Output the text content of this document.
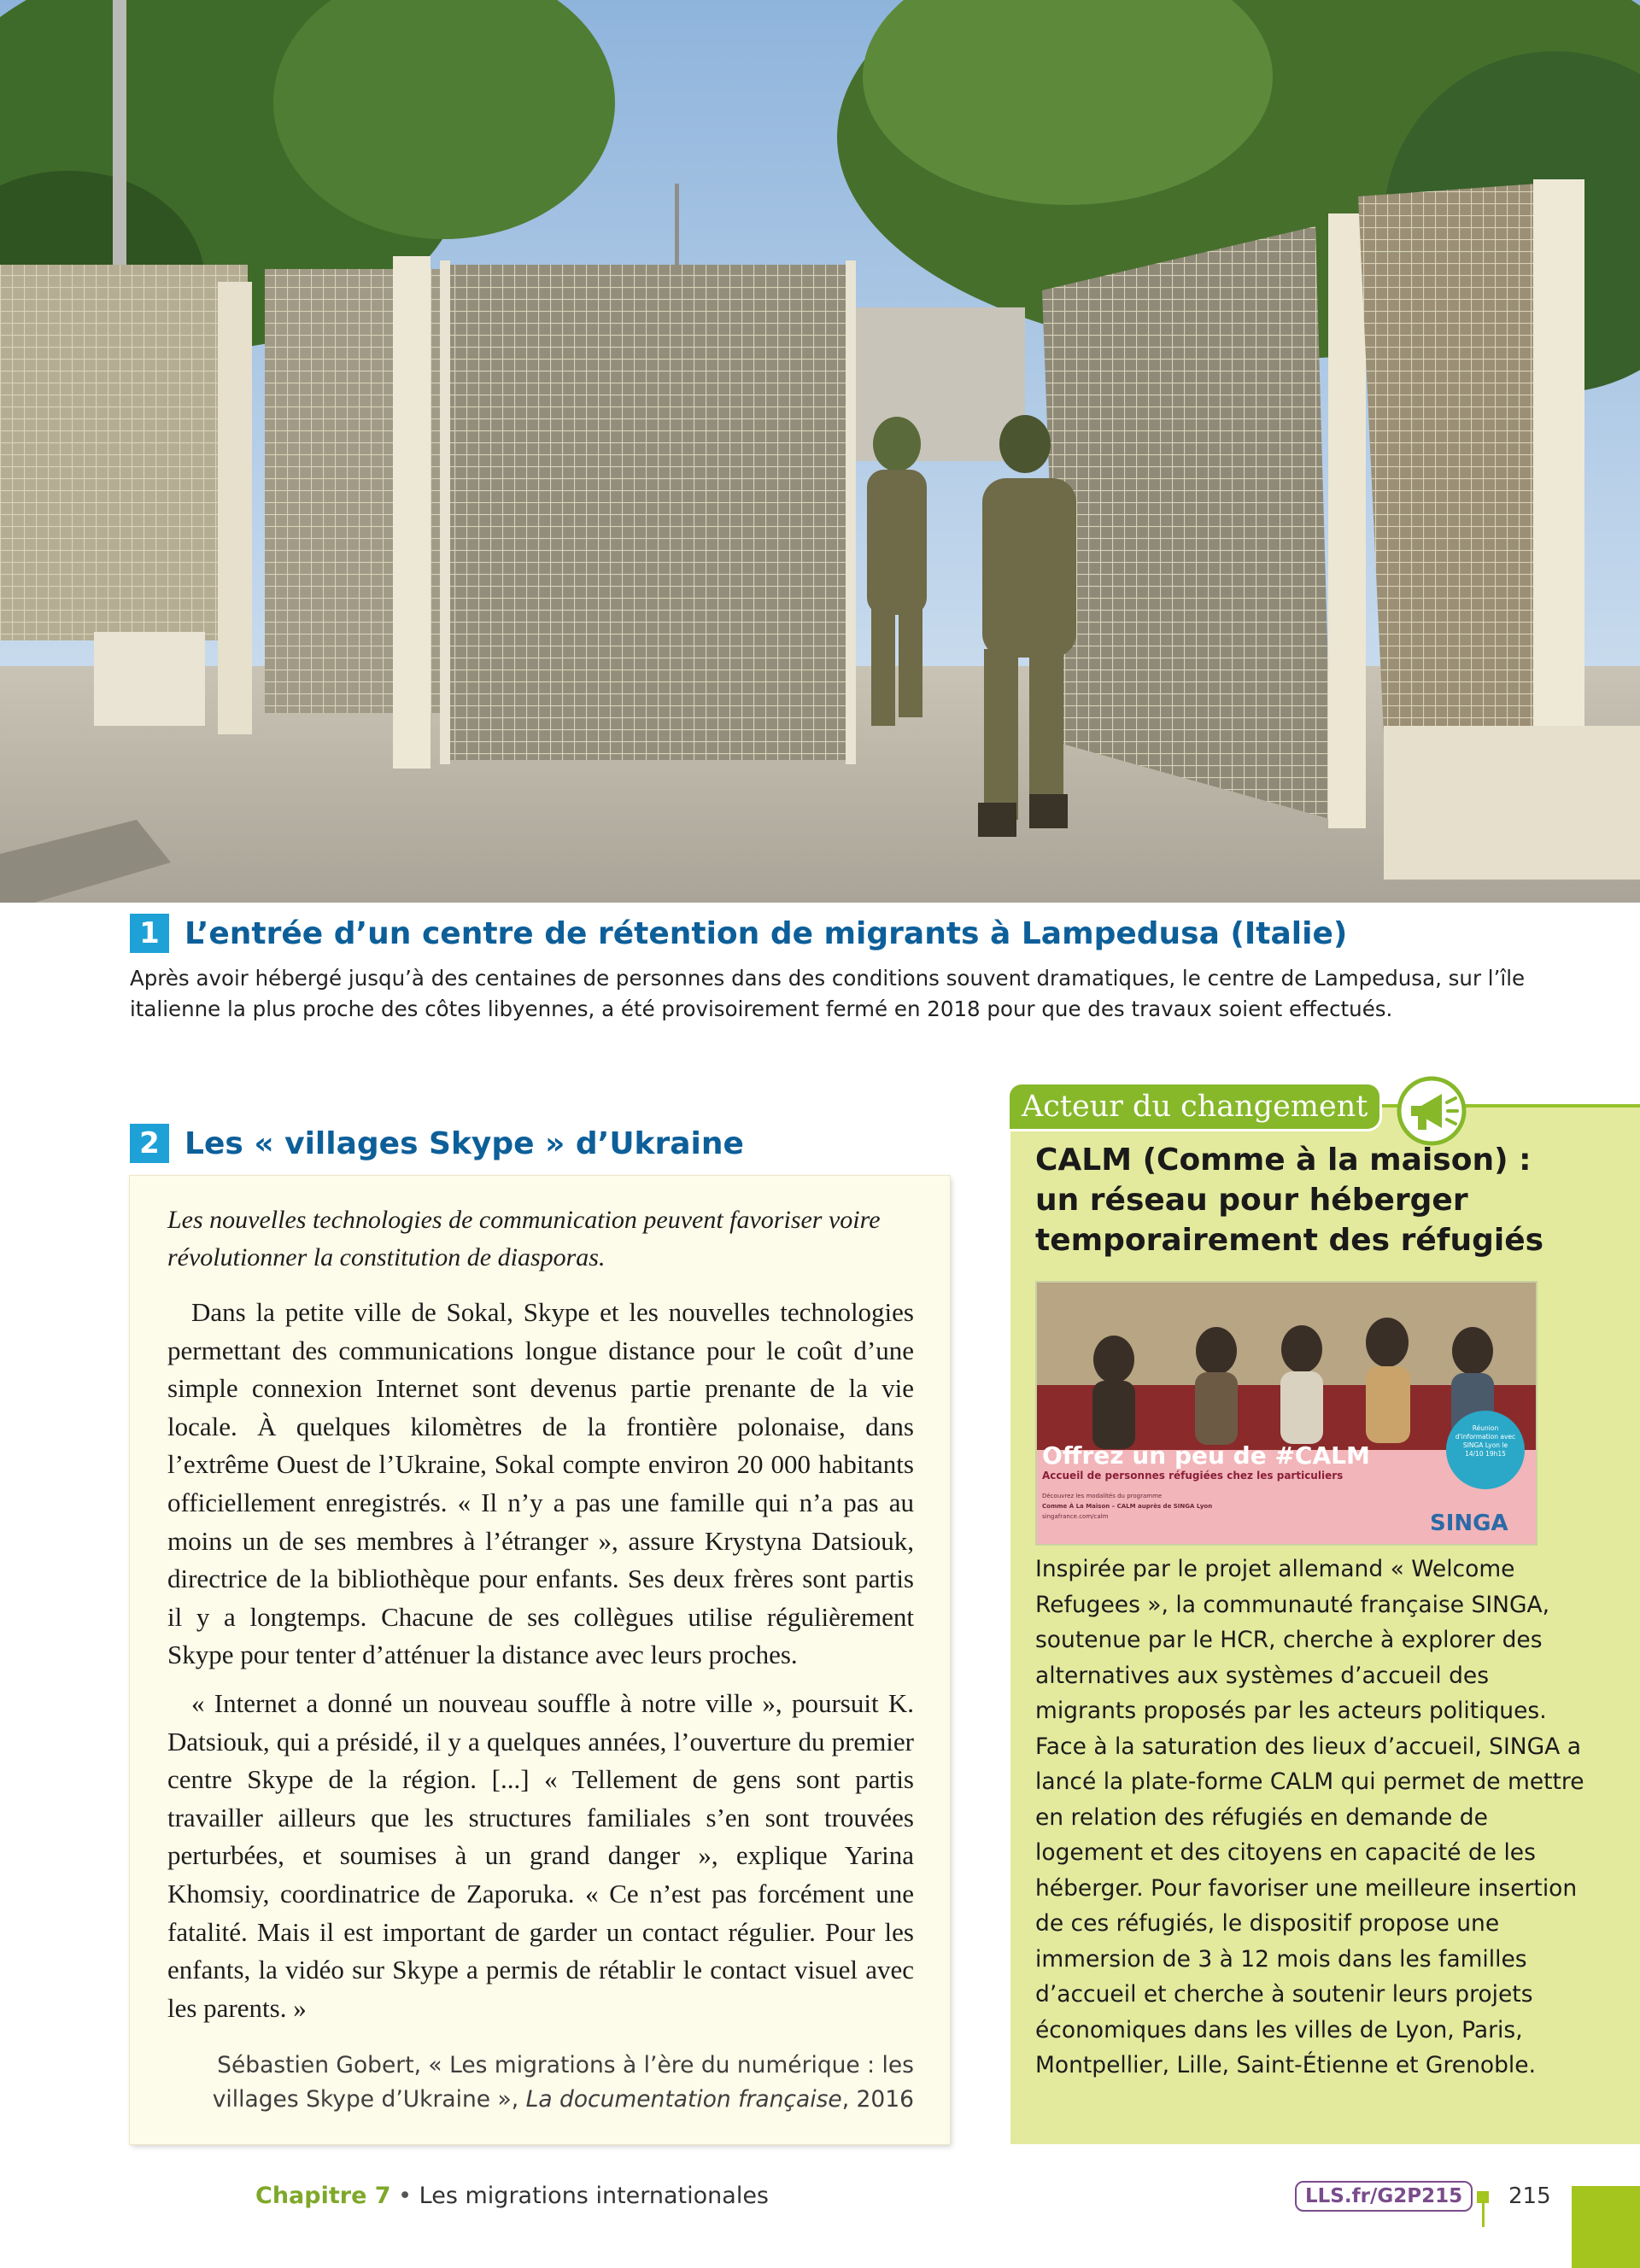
1 L’entrée d’un centre de rétention de migrants à Lampedusa (Italie)
Après avoir hébergé jusqu’à des centaines de personnes dans des conditions souvent dramatiques, le centre de Lampedusa, sur l’île italienne la plus proche des côtes libyennes, a été provisoirement fermé en 2018 pour que des travaux soient effectués.
2 Les « villages Skype » d’Ukraine

Les nouvelles technologies de communication peuvent favoriser voire révolutionner la constitution de diasporas.

Dans la petite ville de Sokal, Skype et les nouvelles technologies permettant des communications longue distance pour le coût d’une simple connexion Internet sont devenus partie prenante de la vie locale. À quelques kilomètres de la frontière polonaise, dans l’extrême Ouest de l’Ukraine, Sokal compte environ 20 000 habitants officiellement enregistrés. « Il n’y a pas une famille qui n’a pas au moins un de ses membres à l’étranger », assure Krystyna Datsiouk, directrice de la bibliothèque pour enfants. Ses deux frères sont partis il y a longtemps. Chacune de ses collègues utilise régulièrement Skype pour tenter d’atténuer la distance avec leurs proches.

« Internet a donné un nouveau souffle à notre ville », poursuit K. Datsiouk, qui a présidé, il y a quelques années, l’ouverture du premier centre Skype de la région. [...] « Tellement de gens sont partis travailler ailleurs que les structures familiales s’en sont trouvées perturbées, et soumises à un grand danger », explique Yarina Khomsiy, coordinatrice de Zaporuka. « Ce n’est pas forcément une fatalité. Mais il est important de garder un contact régulier. Pour les enfants, la vidéo sur Skype a permis de rétablir le contact visuel avec les parents. »

Sébastien Gobert, « Les migrations à l’ère du numérique : les villages Skype d’Ukraine », La documentation française, 2016
Acteur du changement
CALM (Comme à la maison) : un réseau pour héberger temporairement des réfugiés
Offrez un peu de #CALM
Accueil de personnes réfugiées chez les particuliers
Découvrez les modalités du programme
Comme À La Maison – CALM auprès de SINGA Lyon
singafrance.com/calm
Réunion d'information avec SINGA Lyon le 14/10 19h15
SINGA
Inspirée par le projet allemand « Welcome Refugees », la communauté française SINGA, soutenue par le HCR, cherche à explorer des alternatives aux systèmes d’accueil des migrants proposés par les acteurs politiques. Face à la saturation des lieux d’accueil, SINGA a lancé la plate-forme CALM qui permet de mettre en relation des réfugiés en demande de logement et des citoyens en capacité de les héberger. Pour favoriser une meilleure insertion de ces réfugiés, le dispositif propose une immersion de 3 à 12 mois dans les familles d’accueil et cherche à soutenir leurs projets économiques dans les villes de Lyon, Paris, Montpellier, Lille, Saint-Étienne et Grenoble.
Chapitre 7 • Les migrations internationales	LLS.fr/G2P215	215
